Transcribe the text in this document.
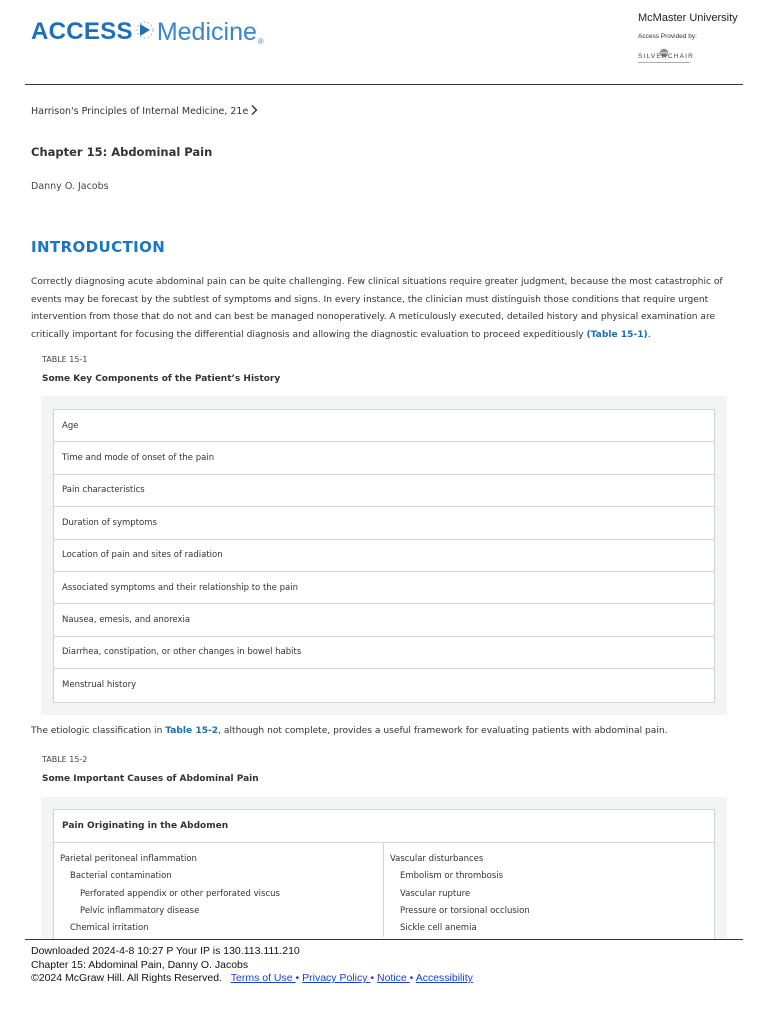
ACCESS Medicine ®
McMaster University
Access Provided by:
SILVERCHAIR
Harrison's Principles of Internal Medicine, 21e
Chapter 15: Abdominal Pain
Danny O. Jacobs
INTRODUCTION
Correctly diagnosing acute abdominal pain can be quite challenging. Few clinical situations require greater judgment, because the most catastrophic of events may be forecast by the subtlest of symptoms and signs. In every instance, the clinician must distinguish those conditions that require urgent intervention from those that do not and can best be managed nonoperatively. A meticulously executed, detailed history and physical examination are critically important for focusing the differential diagnosis and allowing the diagnostic evaluation to proceed expeditiously (Table 15-1).
TABLE 15-1
Some Key Components of the Patient’s History
Age
Time and mode of onset of the pain
Pain characteristics
Duration of symptoms
Location of pain and sites of radiation
Associated symptoms and their relationship to the pain
Nausea, emesis, and anorexia
Diarrhea, constipation, or other changes in bowel habits
Menstrual history
The etiologic classification in Table 15-2, although not complete, provides a useful framework for evaluating patients with abdominal pain.
TABLE 15-2
Some Important Causes of Abdominal Pain
Pain Originating in the Abdomen
Parietal peritoneal inflammation
Bacterial contamination
Perforated appendix or other perforated viscus
Pelvic inflammatory disease
Chemical irritation
Vascular disturbances
Embolism or thrombosis
Vascular rupture
Pressure or torsional occlusion
Sickle cell anemia
Downloaded 2024-4-8 10:27 P Your IP is 130.113.111.210
Chapter 15: Abdominal Pain, Danny O. Jacobs
©2024 McGraw Hill. All Rights Reserved. Terms of Use • Privacy Policy • Notice • Accessibility
